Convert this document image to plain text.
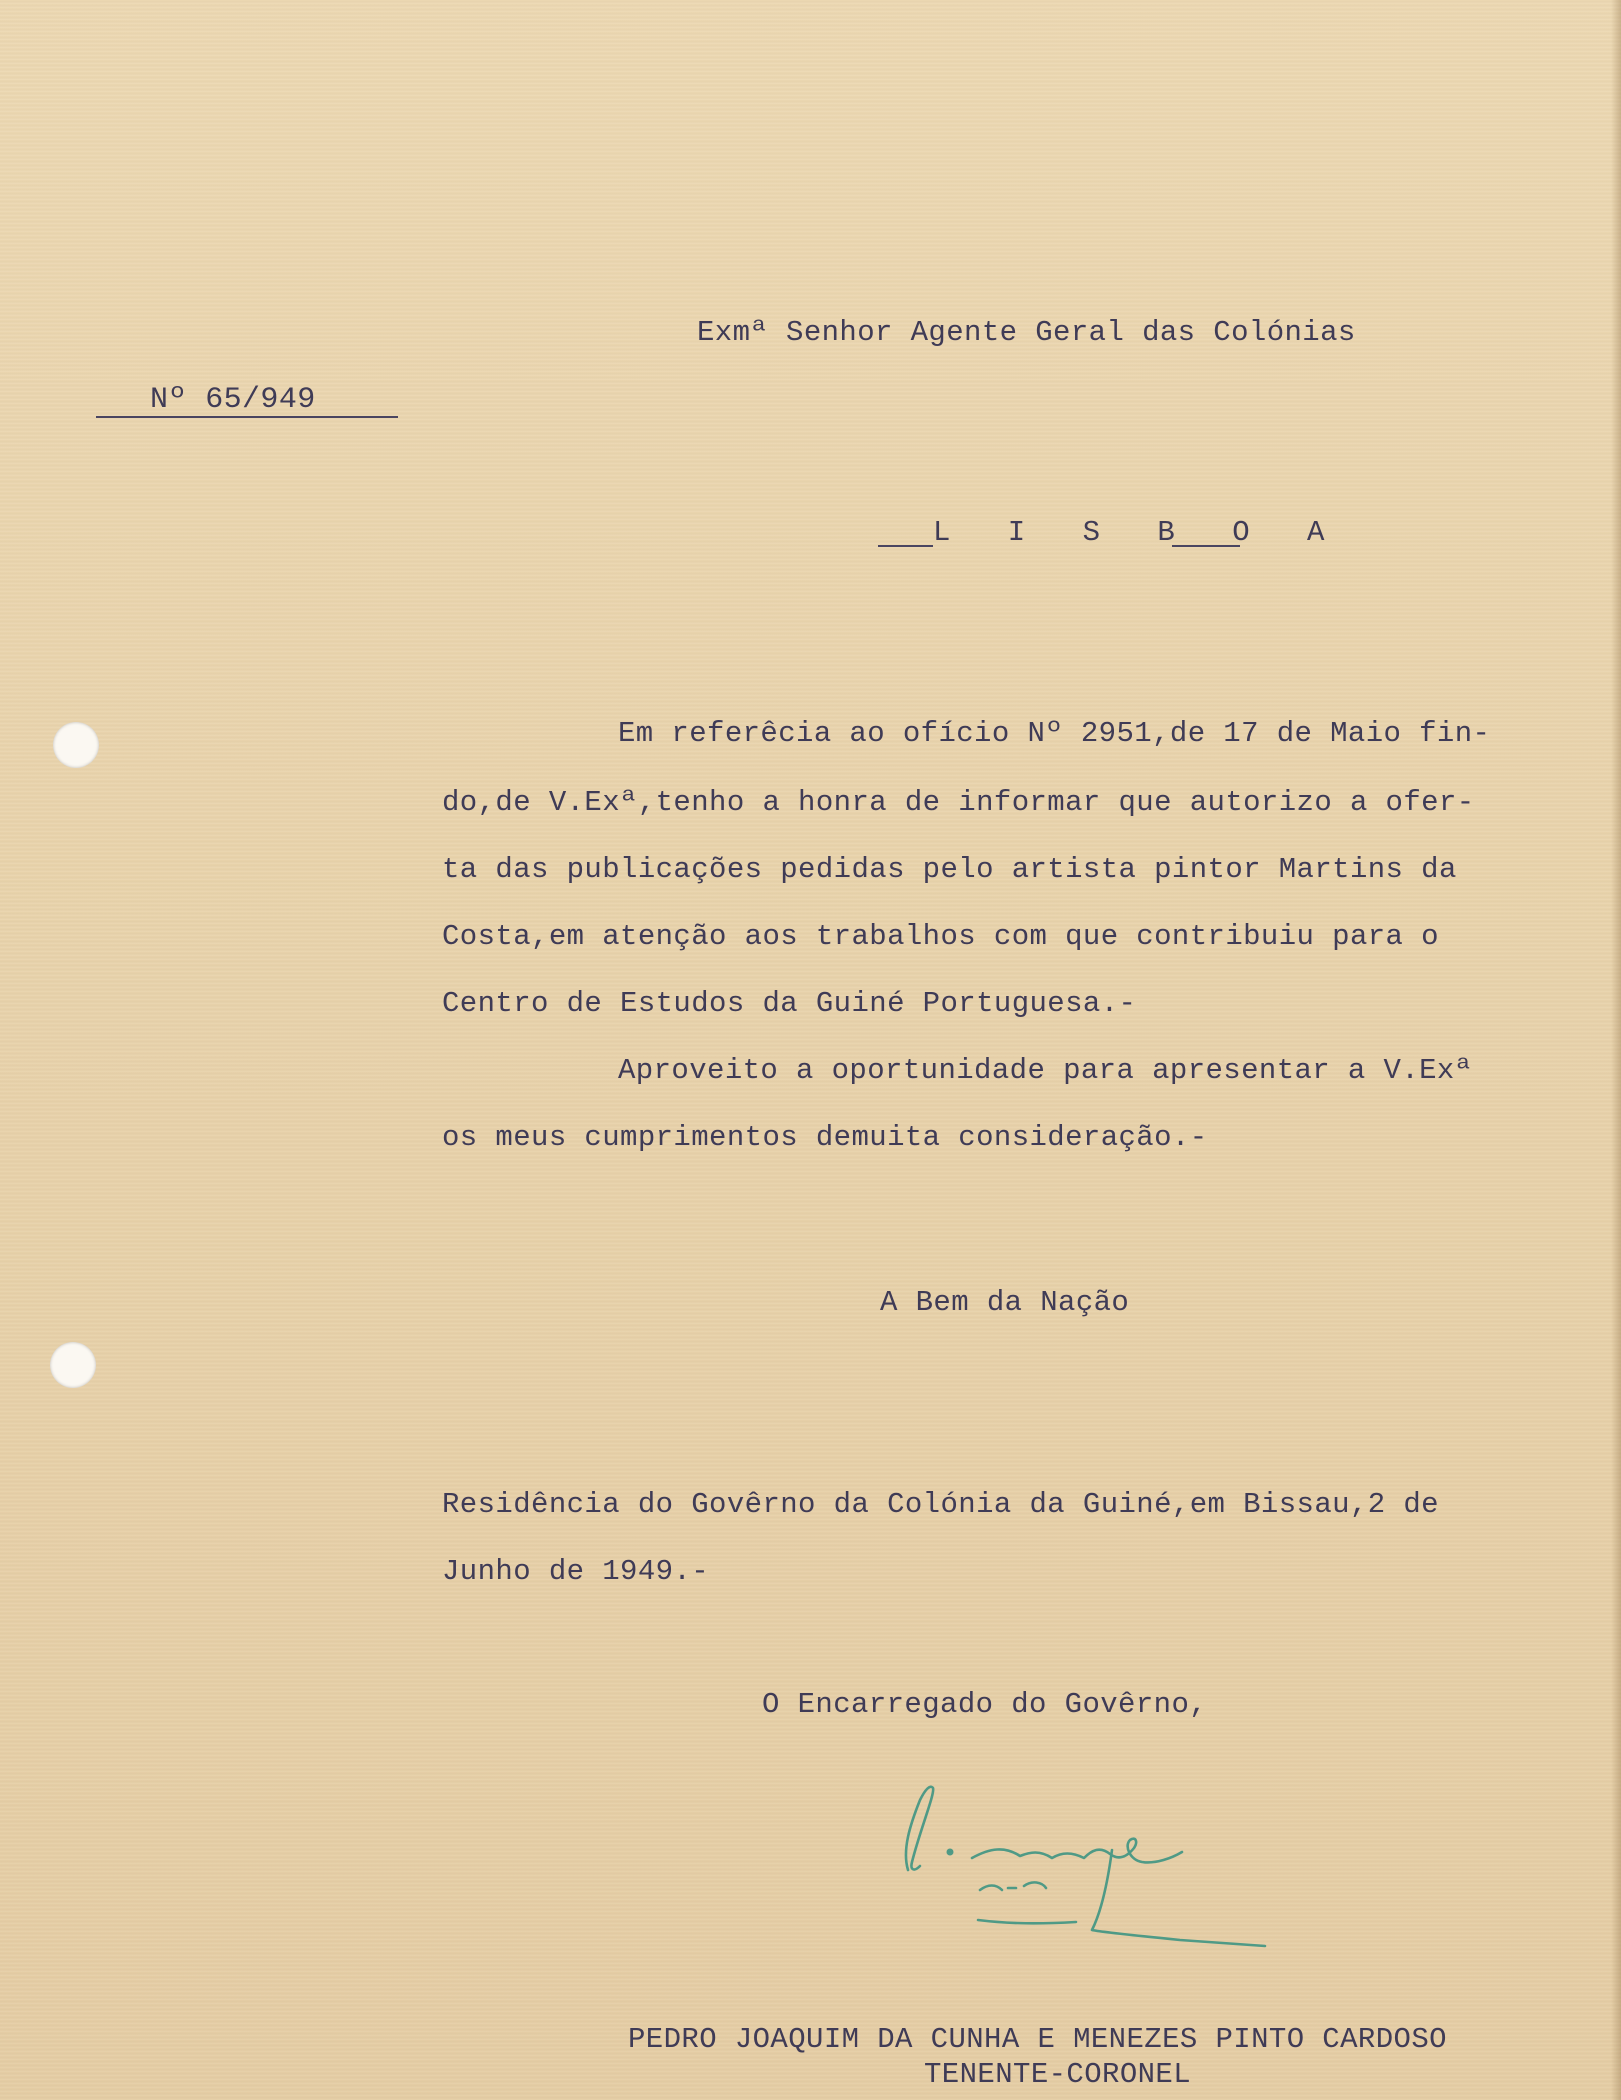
Exmª Senhor Agente Geral das Colónias
Nº 65/949
L I S B O A
Em referêcia ao ofício Nº 2951,de 17 de Maio fin-
do,de V.Exª,tenho a honra de informar que autorizo a ofer-
ta das publicações pedidas pelo artista pintor Martins da
Costa,em atenção aos trabalhos com que contribuiu para o
Centro de Estudos da Guiné Portuguesa.-
Aproveito a oportunidade para apresentar a V.Exª
os meus cumprimentos demuita consideração.-
A Bem da Nação
Residência do Govêrno da Colónia da Guiné,em Bissau,2 de
Junho de 1949.-
O Encarregado do Govêrno,
PEDRO JOAQUIM DA CUNHA E MENEZES PINTO CARDOSO
TENENTE-CORONEL
